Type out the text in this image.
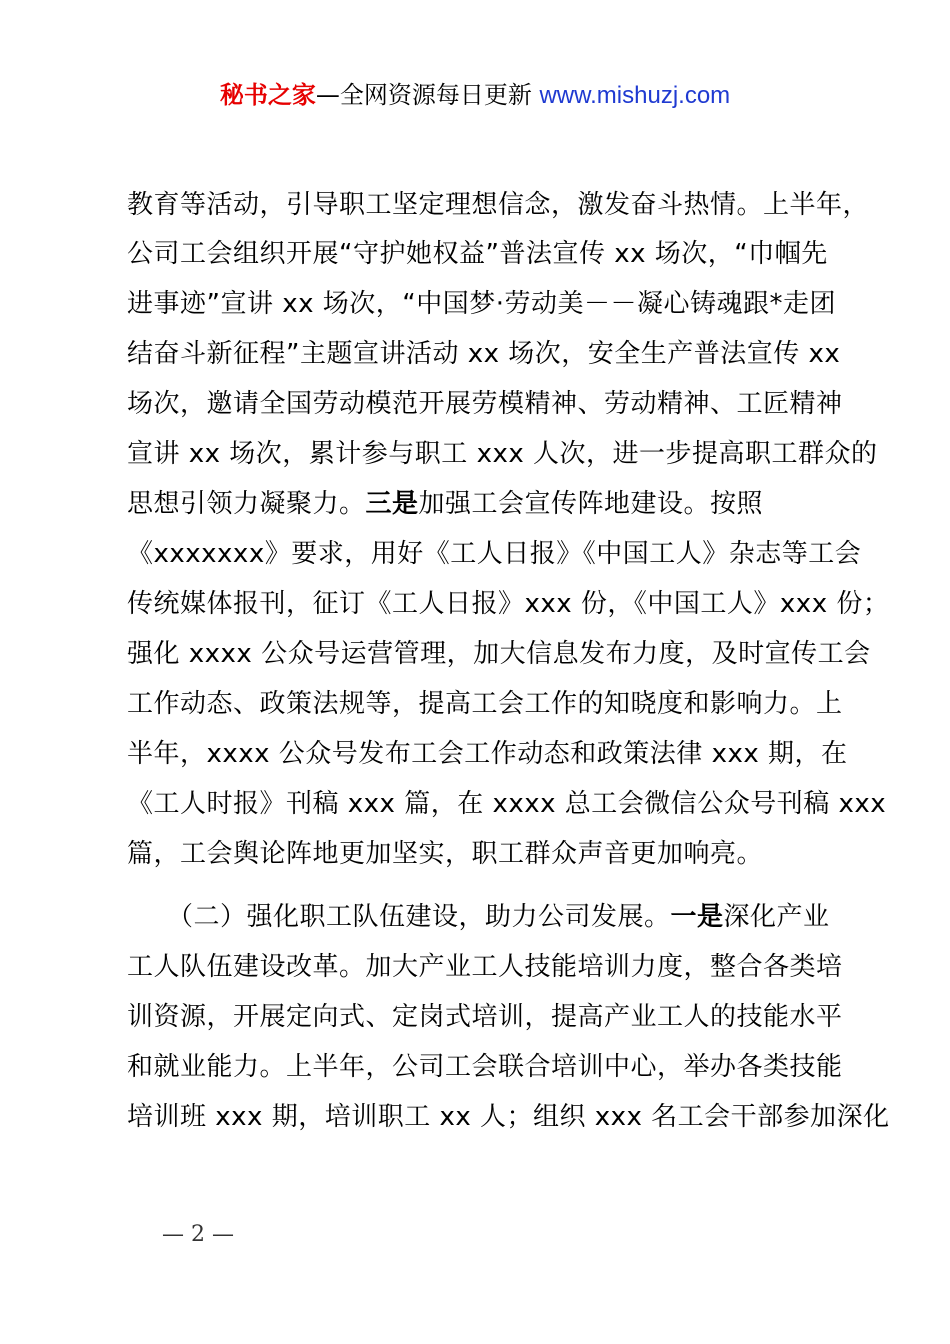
秘书之家—全网资源每日更新 www.mishuzj.com

教育等活动，引导职工坚定理想信念，激发奋斗热情。上半年，

公司工会组织开展“守护她权益”普法宣传 xx 场次，“巾帼先

进事迹”宣讲 xx 场次，“中国梦·劳动美－－凝心铸魂跟*走团

结奋斗新征程”主题宣讲活动 xx 场次，安全生产普法宣传 xx

场次，邀请全国劳动模范开展劳模精神、劳动精神、工匠精神

宣讲 xx 场次，累计参与职工 xxx 人次，进一步提高职工群众的

思想引领力凝聚力。三是加强工会宣传阵地建设。按照

《xxxxxxx》要求，用好《工人日报》《中国工人》杂志等工会

传统媒体报刊，征订《工人日报》xxx 份，《中国工人》xxx 份；

强化 xxxx 公众号运营管理，加大信息发布力度，及时宣传工会

工作动态、政策法规等，提高工会工作的知晓度和影响力。上

半年，xxxx 公众号发布工会工作动态和政策法律 xxx 期，在

《工人时报》刊稿 xxx 篇，在 xxxx 总工会微信公众号刊稿 xxx

篇，工会舆论阵地更加坚实，职工群众声音更加响亮。

　　（二）强化职工队伍建设，助力公司发展。一是深化产业

工人队伍建设改革。加大产业工人技能培训力度，整合各类培

训资源，开展定向式、定岗式培训，提高产业工人的技能水平

和就业能力。上半年，公司工会联合培训中心，举办各类技能

培训班 xxx 期，培训职工 xx 人；组织 xxx 名工会干部参加深化

— 2 —
